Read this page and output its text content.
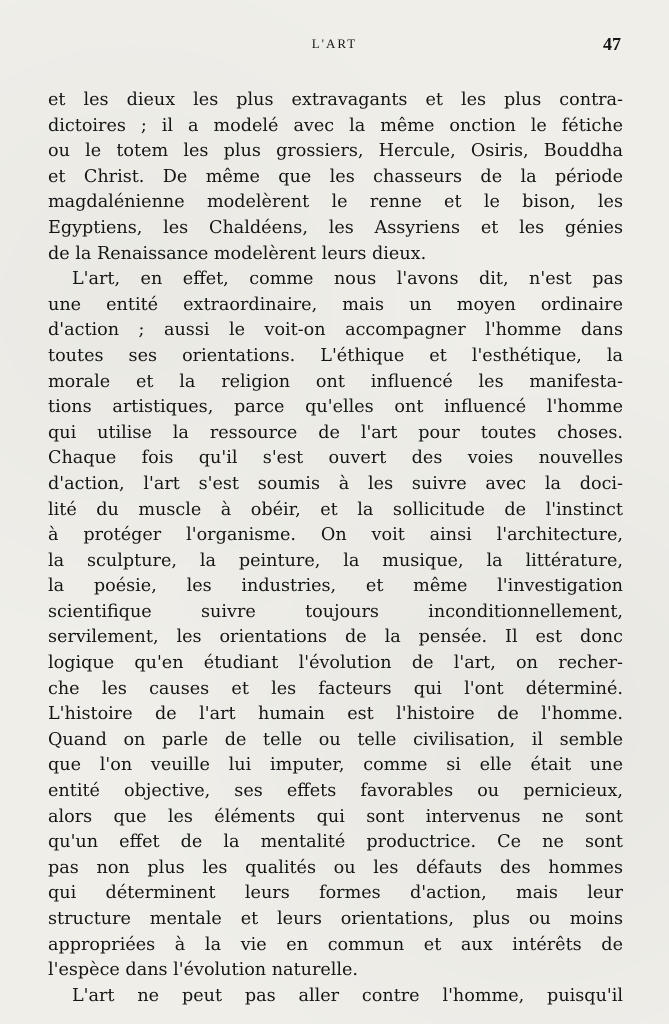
L'ART	47
et les dieux les plus extravagants et les plus contra-
dictoires ; il a modelé avec la même onction le fétiche
ou le totem les plus grossiers, Hercule, Osiris, Bouddha
et Christ. De même que les chasseurs de la période
magdalénienne modelèrent le renne et le bison, les
Egyptiens, les Chaldéens, les Assyriens et les génies
de la Renaissance modelèrent leurs dieux.
L'art, en effet, comme nous l'avons dit, n'est pas
une entité extraordinaire, mais un moyen ordinaire
d'action ; aussi le voit-on accompagner l'homme dans
toutes ses orientations. L'éthique et l'esthétique, la
morale et la religion ont influencé les manifesta-
tions artistiques, parce qu'elles ont influencé l'homme
qui utilise la ressource de l'art pour toutes choses.
Chaque fois qu'il s'est ouvert des voies nouvelles
d'action, l'art s'est soumis à les suivre avec la doci-
lité du muscle à obéir, et la sollicitude de l'instinct
à protéger l'organisme. On voit ainsi l'architecture,
la sculpture, la peinture, la musique, la littérature,
la poésie, les industries, et même l'investigation
scientifique suivre toujours inconditionnellement,
servilement, les orientations de la pensée. Il est donc
logique qu'en étudiant l'évolution de l'art, on recher-
che les causes et les facteurs qui l'ont déterminé.
L'histoire de l'art humain est l'histoire de l'homme.
Quand on parle de telle ou telle civilisation, il semble
que l'on veuille lui imputer, comme si elle était une
entité objective, ses effets favorables ou pernicieux,
alors que les éléments qui sont intervenus ne sont
qu'un effet de la mentalité productrice. Ce ne sont
pas non plus les qualités ou les défauts des hommes
qui déterminent leurs formes d'action, mais leur
structure mentale et leurs orientations, plus ou moins
appropriées à la vie en commun et aux intérêts de
l'espèce dans l'évolution naturelle.
L'art ne peut pas aller contre l'homme, puisqu'il
